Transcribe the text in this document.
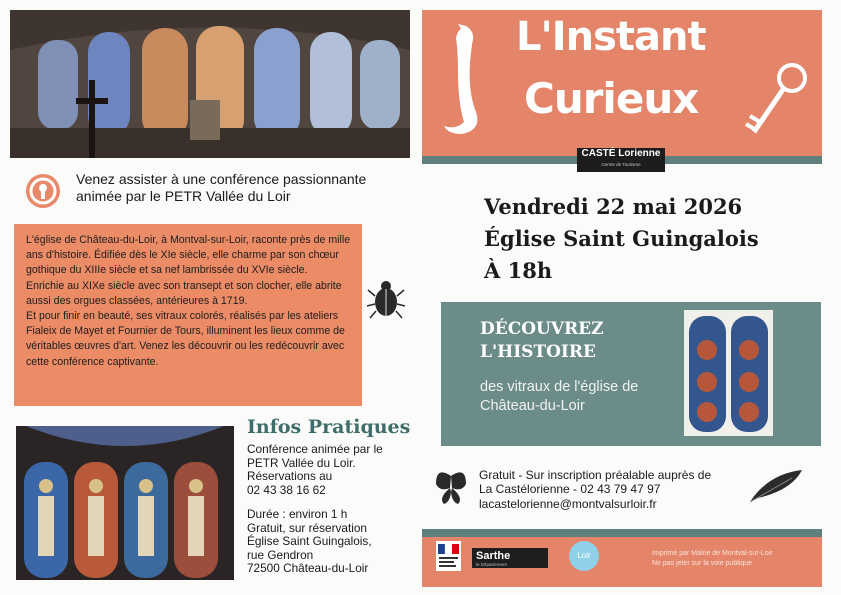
Venez assister à une conférence passionnante animée par le PETR Vallée du Loir
L'église de Château-du-Loir, à Montval-sur-Loir, raconte près de mille ans d'histoire. Édifiée dès le XIe siècle, elle charme par son chœur gothique du XIIIe siècle et sa nef lambrissée du XVIe siècle.
Enrichie au XIXe siècle avec son transept et son clocher, elle abrite aussi des orgues classées, antérieures à 1719.
Et pour finir en beauté, ses vitraux colorés, réalisés par les ateliers Fialeix de Mayet et Fournier de Tours, illuminent les lieux comme de véritables œuvres d'art. Venez les découvrir ou les redécouvrir avec cette conférence captivante.
Infos Pratiques
Conférence animée par le PETR Vallée du Loir.
Réservations au
02 43 38 16 62
Durée : environ 1 h
Gratuit, sur réservation
Église Saint Guingalois,
rue Gendron
72500 Château-du-Loir
L'Instant
Curieux
CASTÉ Lorienne
Centre de Tourisme
Vendredi 22 mai 2026
Église Saint Guingalois
À 18h
DÉCOUVREZ
L'HISTOIRE
des vitraux de l'église de Château-du-Loir
Gratuit - Sur inscription préalable auprès de
La Castélorienne - 02 43 79 47 97
lacastelorienne@montvalsurloir.fr
Sarthe
le Département
Loir	Imprimé par Mairie de Montval-sur-Loir
Ne pas jeter sur la voie publique
